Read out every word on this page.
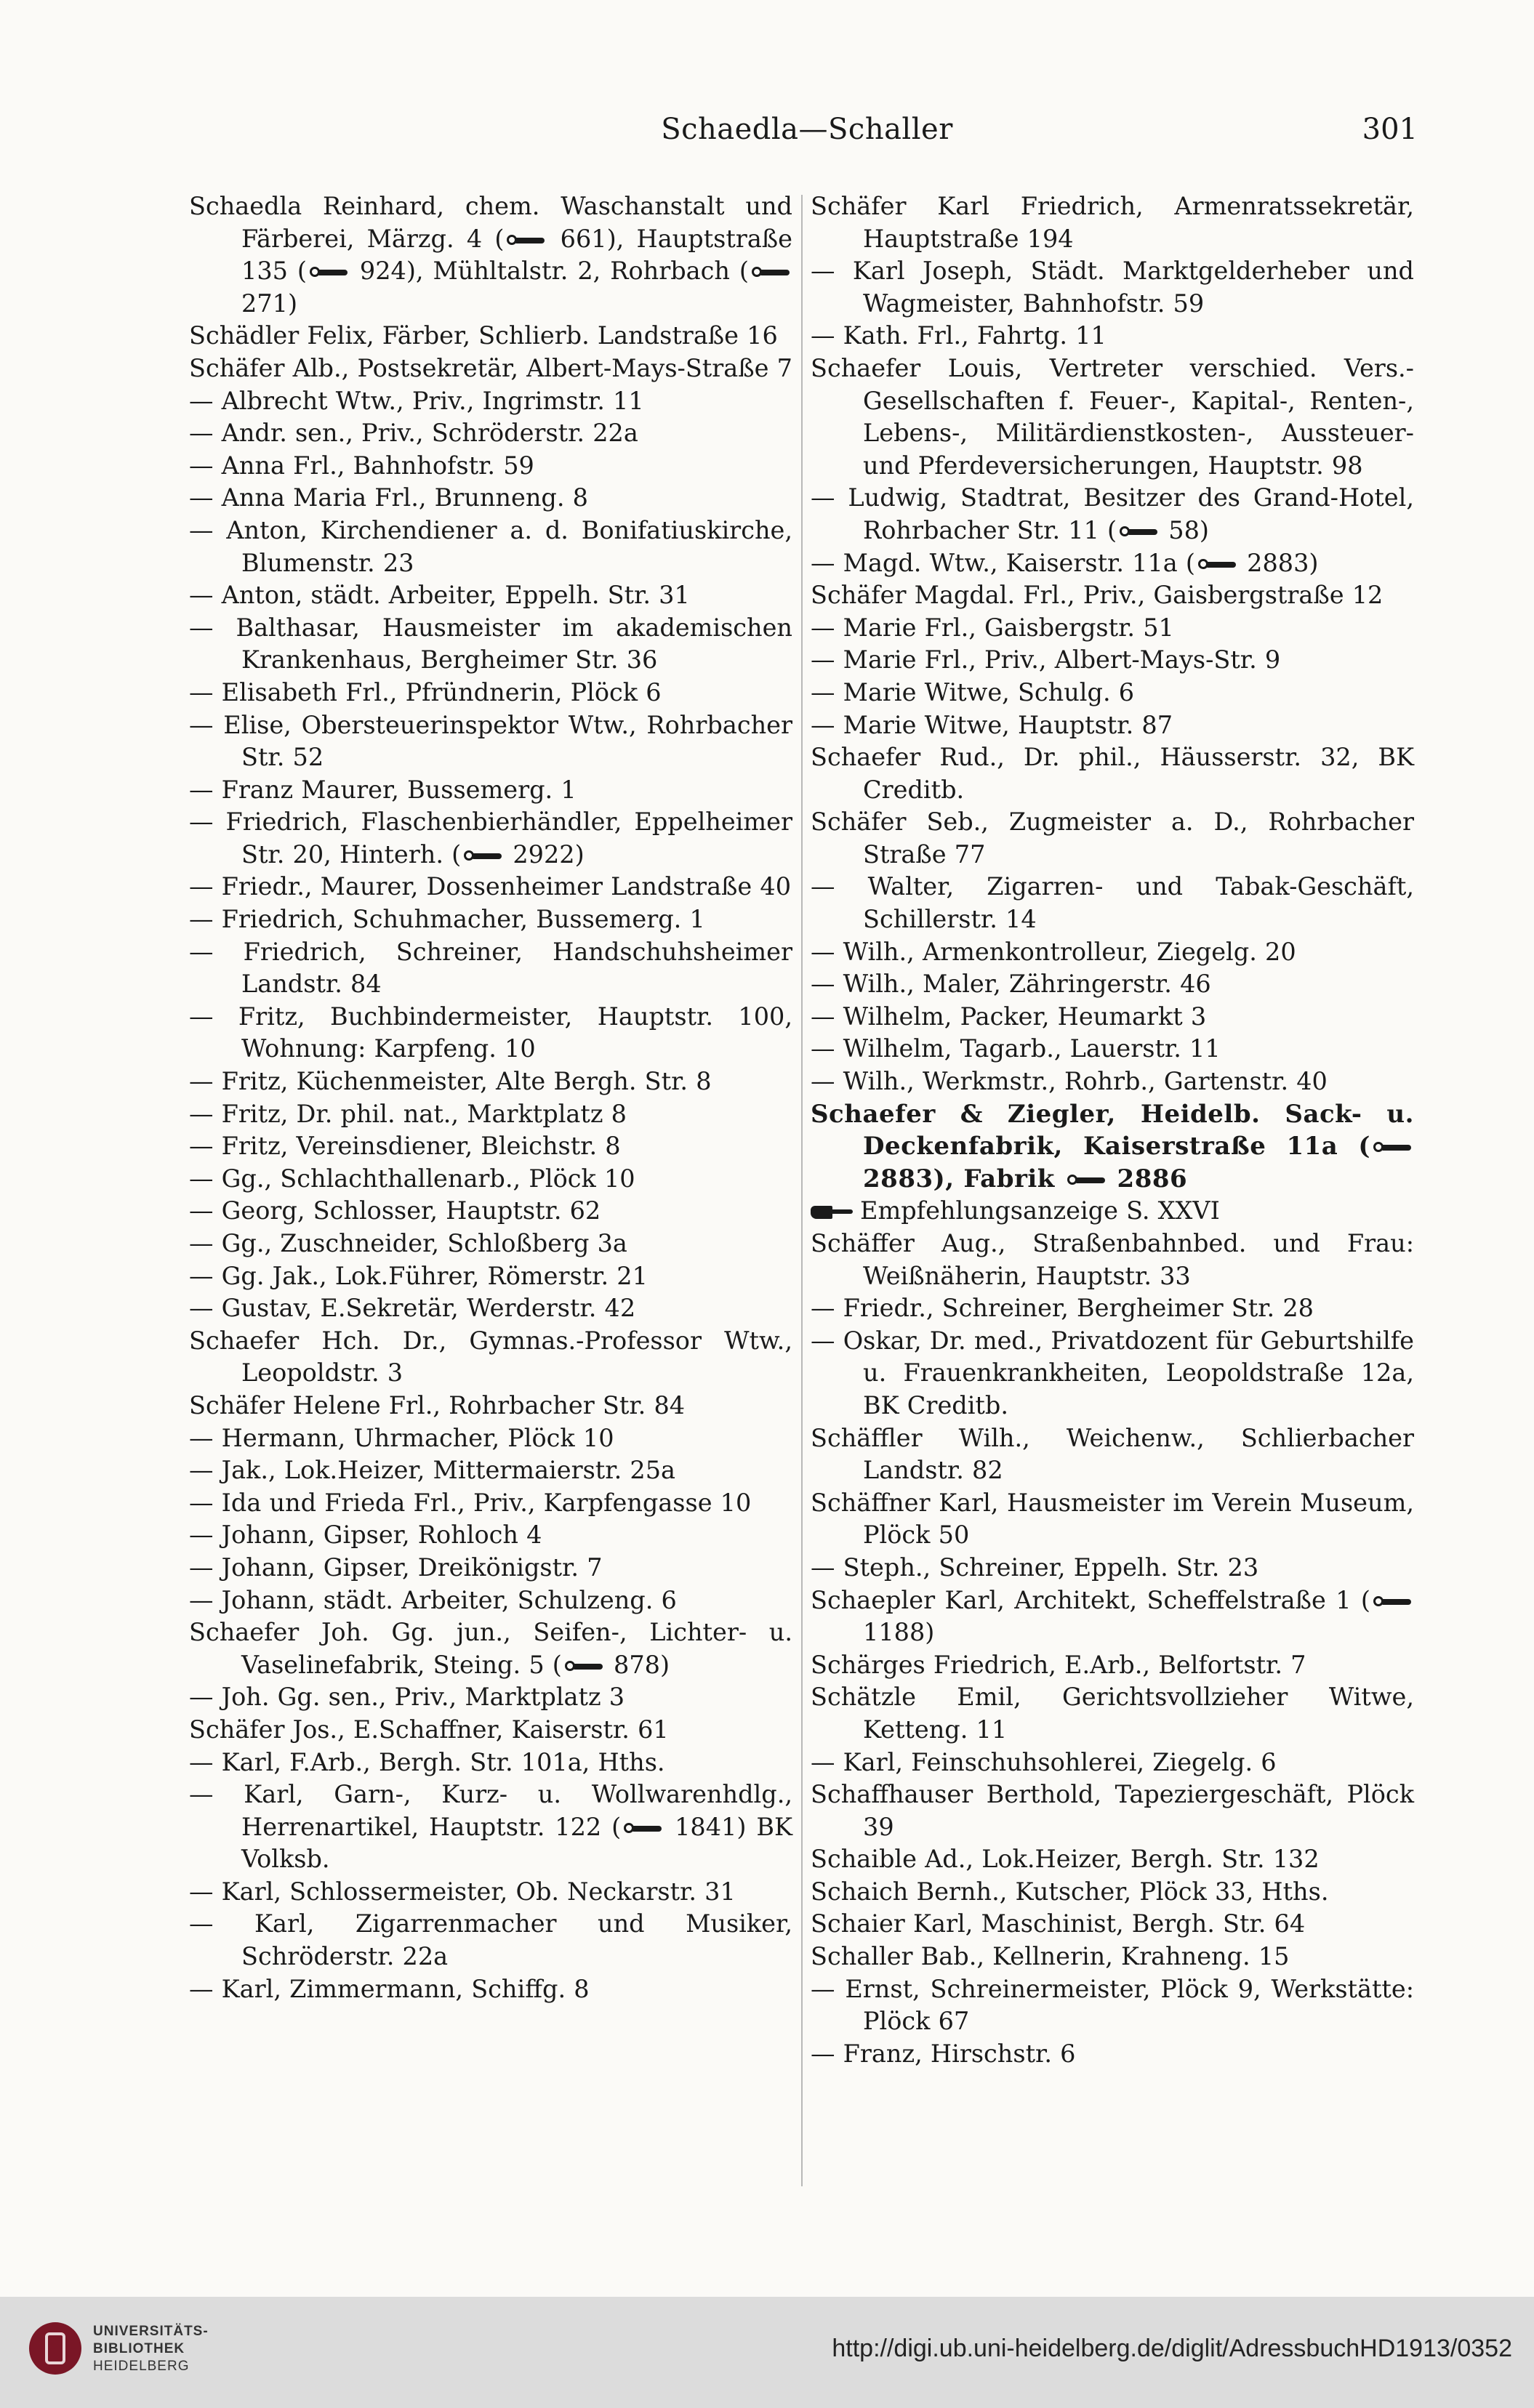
Schaedla—Schaller	301

Schaedla Reinhard, chem. Waschanstalt und Färberei, Märzg. 4 ( 661), Hauptstraße 135 ( 924), Mühltalstr. 2, Rohrbach ( 271)

Schädler Felix, Färber, Schlierb. Landstraße 16

Schäfer Alb., Postsekretär, Albert-Mays-Straße 7

— Albrecht Wtw., Priv., Ingrimstr. 11

— Andr. sen., Priv., Schröderstr. 22a

— Anna Frl., Bahnhofstr. 59

— Anna Maria Frl., Brunneng. 8

— Anton, Kirchendiener a. d. Bonifatiuskirche, Blumenstr. 23

— Anton, städt. Arbeiter, Eppelh. Str. 31

— Balthasar, Hausmeister im akademischen Krankenhaus, Bergheimer Str. 36

— Elisabeth Frl., Pfründnerin, Plöck 6

— Elise, Obersteuerinspektor Wtw., Rohrbacher Str. 52

— Franz Maurer, Bussemerg. 1

— Friedrich, Flaschenbierhändler, Eppelheimer Str. 20, Hinterh. ( 2922)

— Friedr., Maurer, Dossenheimer Landstraße 40

— Friedrich, Schuhmacher, Bussemerg. 1

— Friedrich, Schreiner, Handschuhsheimer Landstr. 84

— Fritz, Buchbindermeister, Hauptstr. 100, Wohnung: Karpfeng. 10

— Fritz, Küchenmeister, Alte Bergh. Str. 8

— Fritz, Dr. phil. nat., Marktplatz 8

— Fritz, Vereinsdiener, Bleichstr. 8

— Gg., Schlachthallenarb., Plöck 10

— Georg, Schlosser, Hauptstr. 62

— Gg., Zuschneider, Schloßberg 3a

— Gg. Jak., Lok.Führer, Römerstr. 21

— Gustav, E.Sekretär, Werderstr. 42

Schaefer Hch. Dr., Gymnas.-Professor Wtw., Leopoldstr. 3

Schäfer Helene Frl., Rohrbacher Str. 84

— Hermann, Uhrmacher, Plöck 10

— Jak., Lok.Heizer, Mittermaierstr. 25a

— Ida und Frieda Frl., Priv., Karpfengasse 10

— Johann, Gipser, Rohloch 4

— Johann, Gipser, Dreikönigstr. 7

— Johann, städt. Arbeiter, Schulzeng. 6

Schaefer Joh. Gg. jun., Seifen-, Lichter- u. Vaselinefabrik, Steing. 5 ( 878)

— Joh. Gg. sen., Priv., Marktplatz 3

Schäfer Jos., E.Schaffner, Kaiserstr. 61

— Karl, F.Arb., Bergh. Str. 101a, Hths.

— Karl, Garn-, Kurz- u. Wollwarenhdlg., Herrenartikel, Hauptstr. 122 ( 1841) BK Volksb.

— Karl, Schlossermeister, Ob. Neckarstr. 31

— Karl, Zigarrenmacher und Musiker, Schröderstr. 22a

— Karl, Zimmermann, Schiffg. 8

Schäfer Karl Friedrich, Armenratssekretär, Hauptstraße 194

— Karl Joseph, Städt. Marktgelderheber und Wagmeister, Bahnhofstr. 59

— Kath. Frl., Fahrtg. 11

Schaefer Louis, Vertreter verschied. Vers.-Gesellschaften f. Feuer-, Kapital-, Renten-, Lebens-, Militärdienstkosten-, Aussteuer- und Pferdeversicherungen, Hauptstr. 98

— Ludwig, Stadtrat, Besitzer des Grand-Hotel, Rohrbacher Str. 11 ( 58)

— Magd. Wtw., Kaiserstr. 11a ( 2883)

Schäfer Magdal. Frl., Priv., Gaisbergstraße 12

— Marie Frl., Gaisbergstr. 51

— Marie Frl., Priv., Albert-Mays-Str. 9

— Marie Witwe, Schulg. 6

— Marie Witwe, Hauptstr. 87

Schaefer Rud., Dr. phil., Häusserstr. 32, BK Creditb.

Schäfer Seb., Zugmeister a. D., Rohrbacher Straße 77

— Walter, Zigarren- und Tabak-Geschäft, Schillerstr. 14

— Wilh., Armenkontrolleur, Ziegelg. 20

— Wilh., Maler, Zähringerstr. 46

— Wilhelm, Packer, Heumarkt 3

— Wilhelm, Tagarb., Lauerstr. 11

— Wilh., Werkmstr., Rohrb., Gartenstr. 40

Schaefer & Ziegler, Heidelb. Sack- u. Deckenfabrik, Kaiserstraße 11a ( 2883), Fabrik  2886

Empfehlungsanzeige S. XXVI

Schäffer Aug., Straßenbahnbed. und Frau: Weißnäherin, Hauptstr. 33

— Friedr., Schreiner, Bergheimer Str. 28

— Oskar, Dr. med., Privatdozent für Geburtshilfe u. Frauenkrankheiten, Leopoldstraße 12a, BK Creditb.

Schäffler Wilh., Weichenw., Schlierbacher Landstr. 82

Schäffner Karl, Hausmeister im Verein Museum, Plöck 50

— Steph., Schreiner, Eppelh. Str. 23

Schaepler Karl, Architekt, Scheffelstraße 1 ( 1188)

Schärges Friedrich, E.Arb., Belfortstr. 7

Schätzle Emil, Gerichtsvollzieher Witwe, Ketteng. 11

— Karl, Feinschuhsohlerei, Ziegelg. 6

Schaffhauser Berthold, Tapeziergeschäft, Plöck 39

Schaible Ad., Lok.Heizer, Bergh. Str. 132

Schaich Bernh., Kutscher, Plöck 33, Hths.

Schaier Karl, Maschinist, Bergh. Str. 64

Schaller Bab., Kellnerin, Krahneng. 15

— Ernst, Schreinermeister, Plöck 9, Werkstätte: Plöck 67

— Franz, Hirschstr. 6

UNIVERSITÄTS-
BIBLIOTHEK
HEIDELBERG
http://digi.ub.uni-heidelberg.de/diglit/AdressbuchHD1913/0352
